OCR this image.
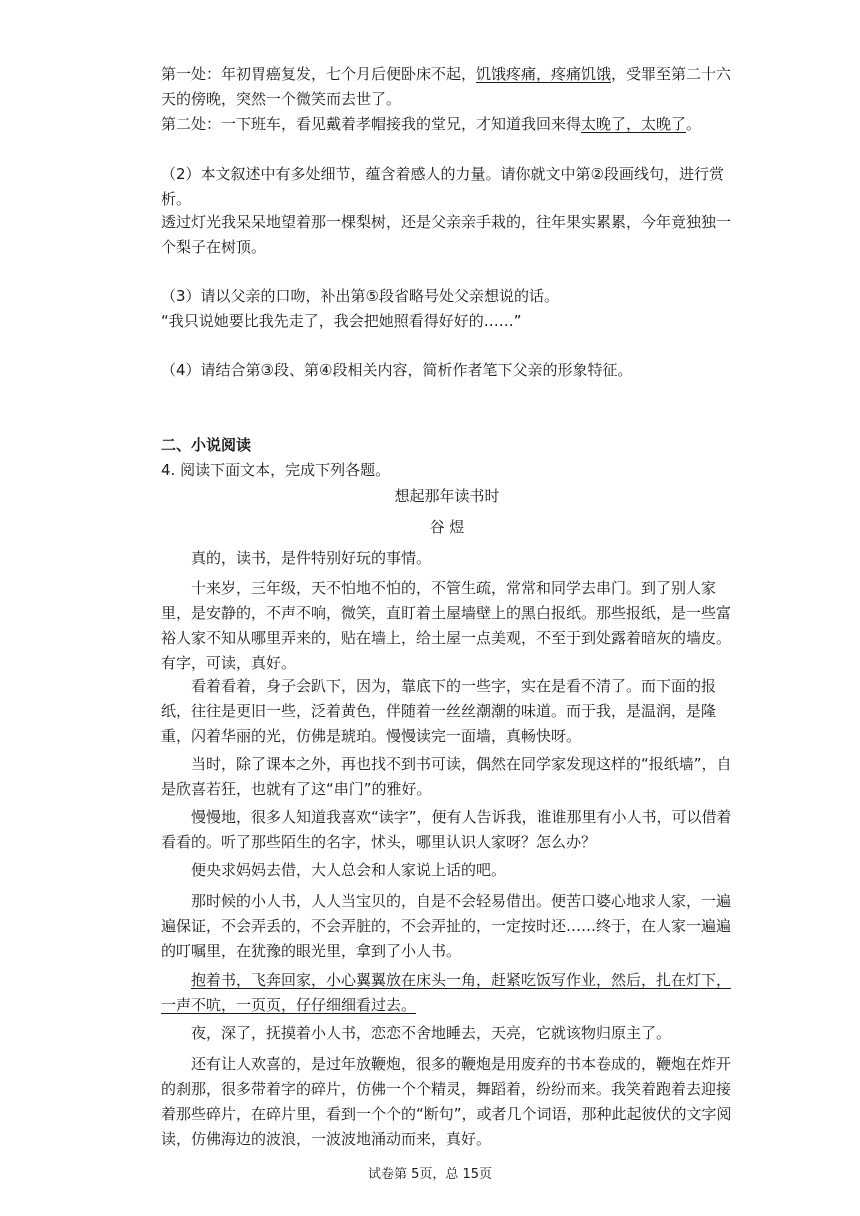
第一处：年初胃癌复发，七个月后便卧床不起，饥饿疼痛，疼痛饥饿，受罪至第二十六天的傍晚，突然一个微笑而去世了。

第二处：一下班车，看见戴着孝帽接我的堂兄，才知道我回来得太晚了，太晚了。

（2）本文叙述中有多处细节，蕴含着感人的力量。请你就文中第②段画线句，进行赏析。

透过灯光我呆呆地望着那一棵梨树，还是父亲亲手栽的，往年果实累累，今年竟独独一个梨子在树顶。

（3）请以父亲的口吻，补出第⑤段省略号处父亲想说的话。

“我只说她要比我先走了，我会把她照看得好好的……”

（4）请结合第③段、第④段相关内容，简析作者笔下父亲的形象特征。

二、小说阅读

4. 阅读下面文本，完成下列各题。

想起那年读书时

谷 煜

真的，读书，是件特别好玩的事情。

十来岁，三年级，天不怕地不怕的，不管生疏，常常和同学去串门。到了别人家里，是安静的，不声不响，微笑，直盯着土屋墙壁上的黑白报纸。那些报纸，是一些富裕人家不知从哪里弄来的，贴在墙上，给土屋一点美观，不至于到处露着暗灰的墙皮。有字，可读，真好。

看着看着，身子会趴下，因为，靠底下的一些字，实在是看不清了。而下面的报纸，往往是更旧一些，泛着黄色，伴随着一丝丝潮潮的味道。而于我，是温润，是隆重，闪着华丽的光，仿佛是琥珀。慢慢读完一面墙，真畅快呀。

当时，除了课本之外，再也找不到书可读，偶然在同学家发现这样的“报纸墙”，自是欣喜若狂，也就有了这“串门”的雅好。

慢慢地，很多人知道我喜欢“读字”，便有人告诉我，谁谁那里有小人书，可以借着看看的。听了那些陌生的名字，怵头，哪里认识人家呀？怎么办？

便央求妈妈去借，大人总会和人家说上话的吧。

那时候的小人书，人人当宝贝的，自是不会轻易借出。便苦口婆心地求人家，一遍遍保证，不会弄丢的，不会弄脏的，不会弄扯的，一定按时还……终于，在人家一遍遍的叮嘱里，在犹豫的眼光里，拿到了小人书。

抱着书，飞奔回家，小心翼翼放在床头一角，赶紧吃饭写作业，然后，扎在灯下，一声不吭，一页页，仔仔细细看过去。

夜，深了，抚摸着小人书，恋恋不舍地睡去，天亮，它就该物归原主了。

还有让人欢喜的，是过年放鞭炮，很多的鞭炮是用废弃的书本卷成的，鞭炮在炸开的刹那，很多带着字的碎片，仿佛一个个精灵，舞蹈着，纷纷而来。我笑着跑着去迎接着那些碎片，在碎片里，看到一个个的“断句”，或者几个词语，那种此起彼伏的文字阅读，仿佛海边的波浪，一波波地涌动而来，真好。

试卷第 5页，总 15页
